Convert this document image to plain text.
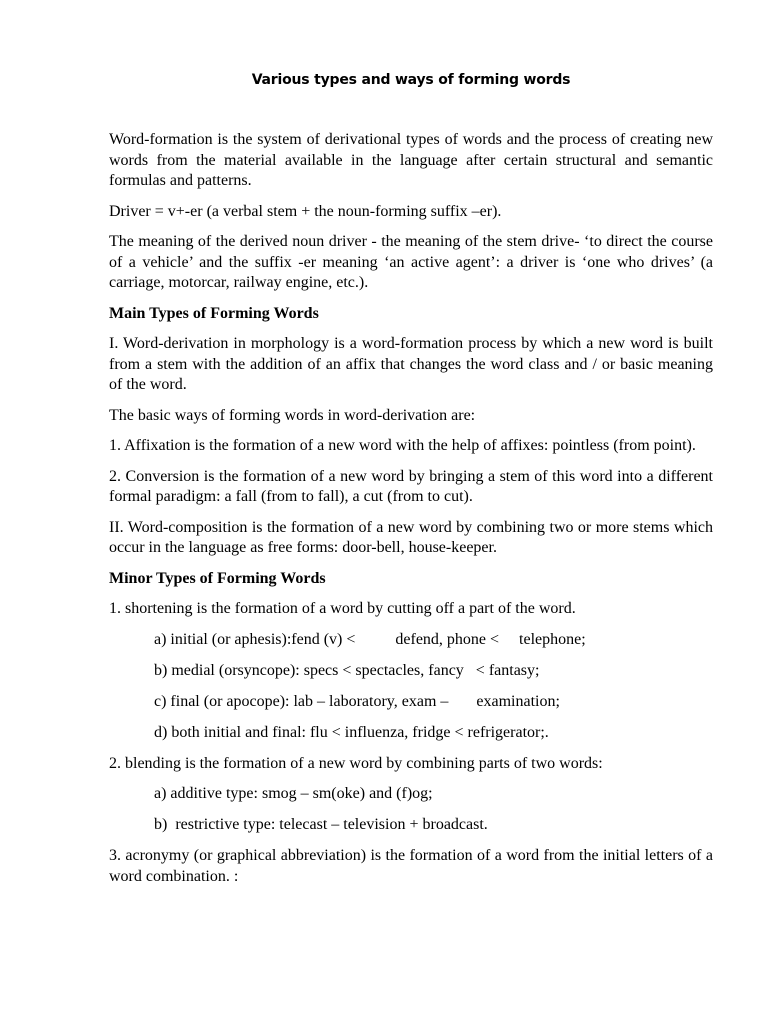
Various types and ways of forming words

Word-formation is the system of derivational types of words and the process of creating new words from the material available in the language after certain structural and semantic formulas and patterns.

Driver = v+-er (a verbal stem + the noun-forming suffix –er).

The meaning of the derived noun driver - the meaning of the stem drive- ‘to direct the course of a vehicle’ and the suffix -er meaning ‘an active agent’: a driver is ‘one who drives’ (a carriage, motorcar, railway engine, etc.).

Main Types of Forming Words

I. Word-derivation in morphology is a word-formation process by which a new word is built from a stem with the addition of an affix that changes the word class and / or basic meaning of the word.

The basic ways of forming words in word-derivation are:

1. Affixation is the formation of a new word with the help of affixes: pointless (from point).

2. Conversion is the formation of a new word by bringing a stem of this word into a different formal paradigm: a fall (from to fall), a cut (from to cut).

II. Word-composition is the formation of a new word by combining two or more stems which occur in the language as free forms: door-bell, house-keeper.

Minor Types of Forming Words

1. shortening is the formation of a word by cutting off a part of the word.

a) initial (or aphesis):fend (v) <          defend, phone <     telephone;

b) medial (orsyncope): specs < spectacles, fancy   < fantasy;

c) final (or apocope): lab – laboratory, exam –       examination;

d) both initial and final: flu < influenza, fridge < refrigerator;.

2. blending is the formation of a new word by combining parts of two words:

a) additive type: smog – sm(oke) and (f)og;

b)  restrictive type: telecast – television + broadcast.

3. acronymy (or graphical abbreviation) is the formation of a word from the initial letters of a word combination. :
